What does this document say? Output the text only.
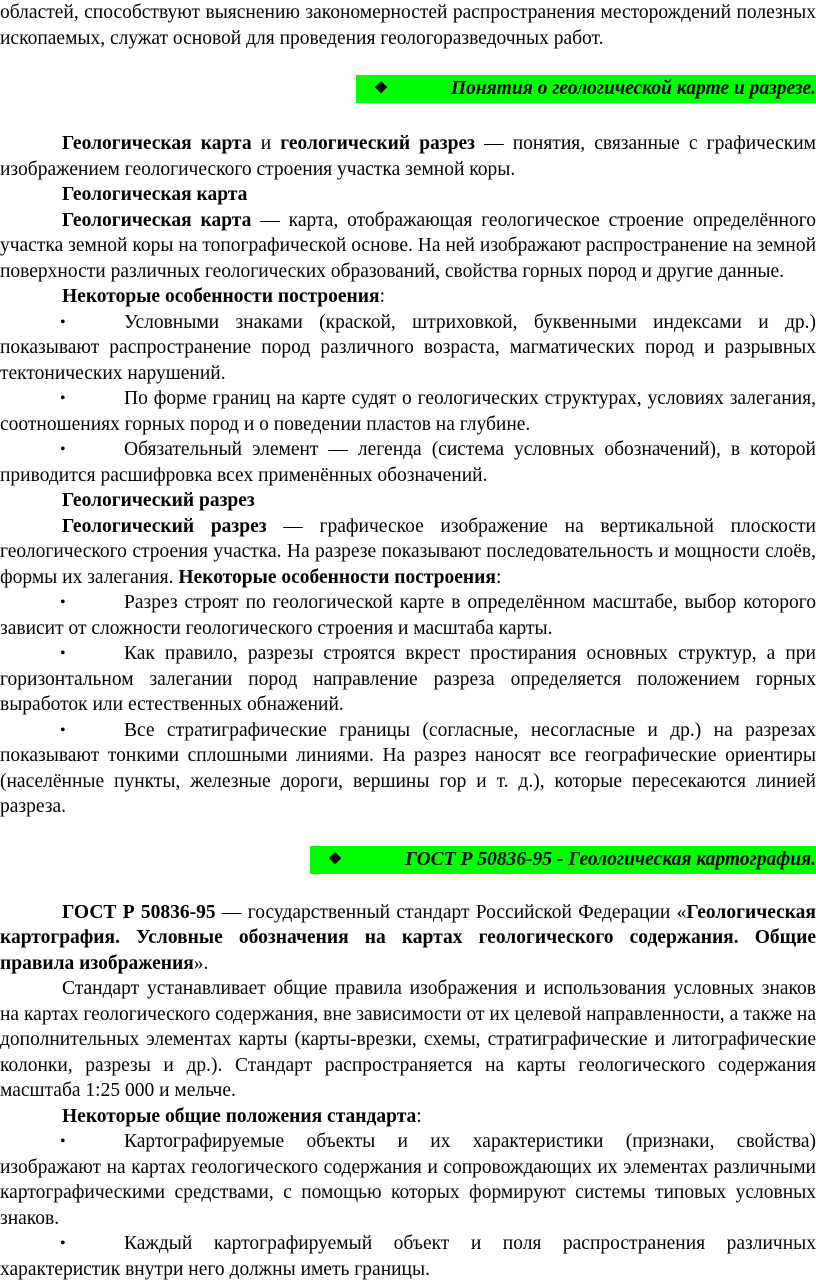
областей, способствуют выяснению закономерностей распространения месторождений полезных ископаемых, служат основой для проведения геологоразведочных работ.

❖	Понятия о геологической карте и разрезе.

Геологическая карта и геологический разрез — понятия, связанные с графическим изображением геологического строения участка земной коры.

Геологическая карта

Геологическая карта — карта, отображающая геологическое строение определённого участка земной коры на топографической основе. На ней изображают распространение на земной поверхности различных геологических образований, свойства горных пород и другие данные.

Некоторые особенности построения:

• Условными знаками (краской, штриховкой, буквенными индексами и др.) показывают распространение пород различного возраста, магматических пород и разрывных тектонических нарушений.

• По форме границ на карте судят о геологических структурах, условиях залегания, соотношениях горных пород и о поведении пластов на глубине.

• Обязательный элемент — легенда (система условных обозначений), в которой приводится расшифровка всех применённых обозначений.

Геологический разрез

Геологический разрез — графическое изображение на вертикальной плоскости геологического строения участка. На разрезе показывают последовательность и мощности слоёв, формы их залегания. Некоторые особенности построения:

• Разрез строят по геологической карте в определённом масштабе, выбор которого зависит от сложности геологического строения и масштаба карты.

• Как правило, разрезы строятся вкрест простирания основных структур, а при горизонтальном залегании пород направление разреза определяется положением горных выработок или естественных обнажений.

• Все стратиграфические границы (согласные, несогласные и др.) на разрезах показывают тонкими сплошными линиями. На разрез наносят все географические ориентиры (населённые пункты, железные дороги, вершины гор и т. д.), которые пересекаются линией разреза.

❖	ГОСТ Р 50836-95 - Геологическая картография.

ГОСТ Р 50836-95 — государственный стандарт Российской Федерации «Геологическая картография. Условные обозначения на картах геологического содержания. Общие правила изображения».

Стандарт устанавливает общие правила изображения и использования условных знаков на картах геологического содержания, вне зависимости от их целевой направленности, а также на дополнительных элементах карты (карты-врезки, схемы, стратиграфические и литографические колонки, разрезы и др.). Стандарт распространяется на карты геологического содержания масштаба 1:25 000 и мельче.

Некоторые общие положения стандарта:

• Картографируемые объекты и их характеристики (признаки, свойства) изображают на картах геологического содержания и сопровождающих их элементах различными картографическими средствами, с помощью которых формируют системы типовых условных знаков.

• Каждый картографируемый объект и поля распространения различных характеристик внутри него должны иметь границы.
